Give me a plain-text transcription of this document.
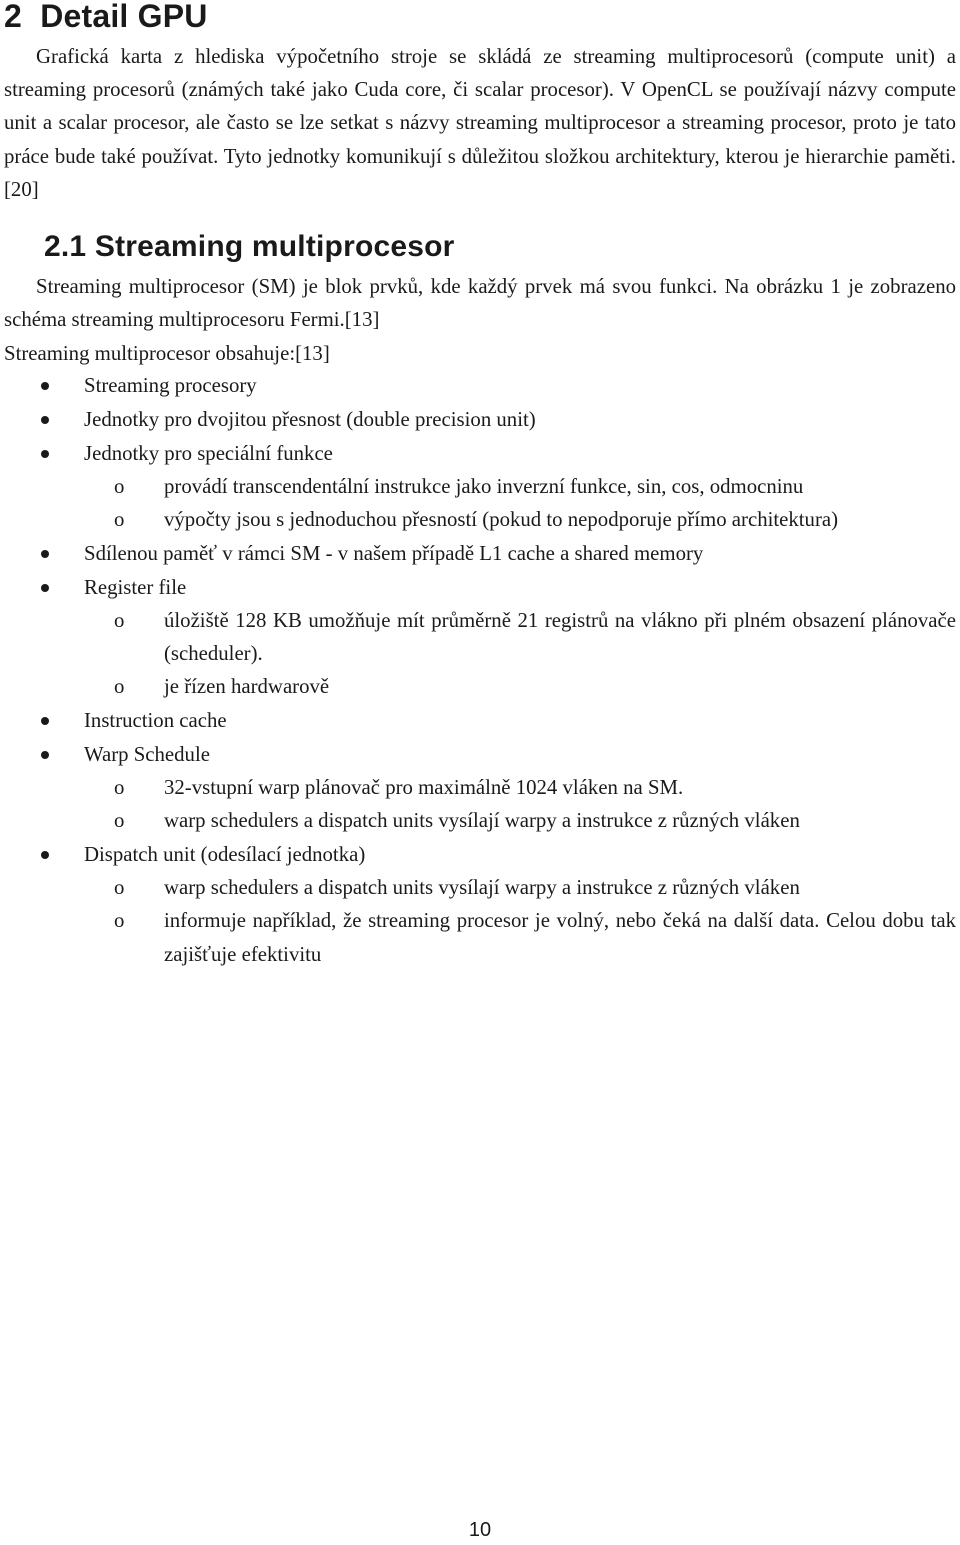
2 Detail GPU

Grafická karta z hlediska výpočetního stroje se skládá ze streaming multiprocesorů (compute unit) a streaming procesorů (známých také jako Cuda core, či scalar procesor). V OpenCL se používají názvy compute unit a scalar procesor, ale často se lze setkat s názvy streaming multiprocesor a streaming procesor, proto je tato práce bude také používat. Tyto jednotky komunikují s důležitou složkou architektury, kterou je hierarchie paměti.[20]

2.1 Streaming multiprocesor

Streaming multiprocesor (SM) je blok prvků, kde každý prvek má svou funkci. Na obrázku 1 je zobrazeno schéma streaming multiprocesoru Fermi.[13]

Streaming multiprocesor obsahuje:[13]

Streaming procesory
Jednotky pro dvojitou přesnost (double precision unit)
Jednotky pro speciální funkce
o provádí transcendentální instrukce jako inverzní funkce, sin, cos, odmocninu
o výpočty jsou s jednoduchou přesností (pokud to nepodporuje přímo architektura)
Sdílenou paměť v rámci SM - v našem případě L1 cache a shared memory
Register file
o úložiště 128 KB umožňuje mít průměrně 21 registrů na vlákno při plném obsazení plánovače (scheduler).
o je řízen hardwarově
Instruction cache
Warp Schedule
o 32-vstupní warp plánovač pro maximálně 1024 vláken na SM.
o warp schedulers a dispatch units vysílají warpy a instrukce z různých vláken
Dispatch unit (odesílací jednotka)
o warp schedulers a dispatch units vysílají warpy a instrukce z různých vláken
o informuje například, že streaming procesor je volný, nebo čeká na další data. Celou dobu tak zajišťuje efektivitu
10
